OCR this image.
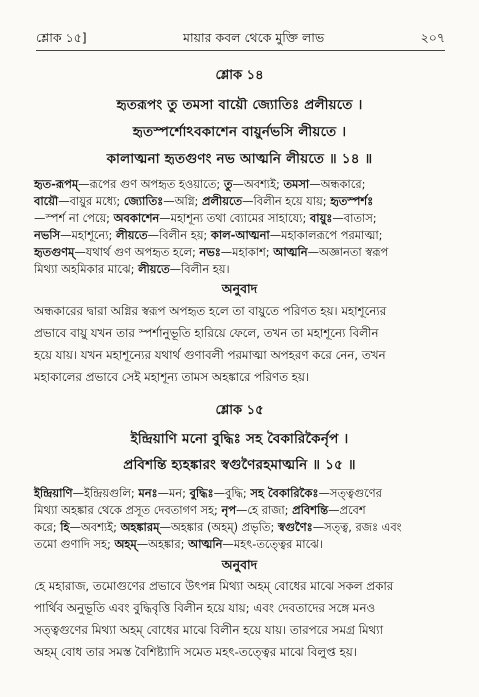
শ্লোক ১৫]	মায়ার কবল থেকে মুক্তি লাভ	২০৭
শ্লোক ১৪
হৃতরূপং তু তমসা বায়ৌ জ্যোতিঃ প্রলীয়তে ।
হৃতস্পর্শোঽবকাশেন বায়ুর্নভসি লীয়তে ।
কালাত্মনা হৃতগুণং নভ আত্মনি লীয়তে ॥ ১৪ ॥
হৃত-রূপম্—রূপের গুণ অপহৃত হওয়াতে; তু—অবশ্যই; তমসা—অন্ধকারে;
বায়ৌ—বায়ুর মধ্যে; জ্যোতিঃ—অগ্নি; প্রলীয়তে—বিলীন হয়ে যায়; হৃতস্পর্শঃ
—স্পর্শ না পেয়ে; অবকাশেন—মহাশূন্য তথা ব্যোমের সাহায্যে; বায়ুঃ—বাতাস;
নভসি—মহাশূন্যে; লীয়তে—বিলীন হয়; কাল-আত্মনা—মহাকালরূপে পরমাত্মা;
হৃতগুণম্—যথার্থ গুণ অপহৃত হলে; নভঃ—মহাকাশ; আত্মনি—অজ্ঞানতা স্বরূপ
মিথ্যা অহমিকার মাঝে; লীয়তে—বিলীন হয়।
অনুবাদ
অন্ধকারের দ্বারা অগ্নির স্বরূপ অপহৃত হলে তা বায়ুতে পরিণত হয়। মহাশূন্যের
প্রভাবে বায়ু যখন তার স্পর্শানুভূতি হারিয়ে ফেলে, তখন তা মহাশূন্যে বিলীন
হয়ে যায়। যখন মহাশূন্যের যথার্থ গুণাবলী পরমাত্মা অপহরণ করে নেন, তখন
মহাকালের প্রভাবে সেই মহাশূন্য তামস অহঙ্কারে পরিণত হয়।
শ্লোক ১৫
ইন্দ্রিয়াণি মনো বুদ্ধিঃ সহ বৈকারিকৈর্নৃপ ।
প্রবিশন্তি হ্যহঙ্কারং স্বগুণৈরহমাত্মনি ॥ ১৫ ॥
ইন্দ্রিয়াণি—ইন্দ্রিয়গুলি; মনঃ—মন; বুদ্ধিঃ—বুদ্ধি; সহ বৈকারিকৈঃ—সত্ত্বগুণের
মিথ্যা অহঙ্কার থেকে প্রসূত দেবতাগণ সহ; নৃপ—হে রাজা; প্রবিশন্তি—প্রবেশ
করে; হি—অবশ্যই; অহঙ্কারম্—অহঙ্কার (অহম্) প্রভৃতি; স্বগুণৈঃ—সত্ত্ব, রজঃ এবং
তমো গুণাদি সহ; অহম্—অহঙ্কার; আত্মনি—মহৎ-তত্ত্বের মাঝে।
অনুবাদ
হে মহারাজ, তমোগুণের প্রভাবে উৎপন্ন মিথ্যা অহম্ বোধের মাঝে সকল প্রকার
পার্থিব অনুভূতি এবং বুদ্ধিবৃত্তি বিলীন হয়ে যায়; এবং দেবতাদের সঙ্গে মনও
সত্ত্বগুণের মিথ্যা অহম্ বোধের মাঝে বিলীন হয়ে যায়। তারপরে সমগ্র মিথ্যা
অহম্ বোধ তার সমস্ত বৈশিষ্ট্যাদি সমেত মহৎ-তত্ত্বের মাঝে বিলুপ্ত হয়।
